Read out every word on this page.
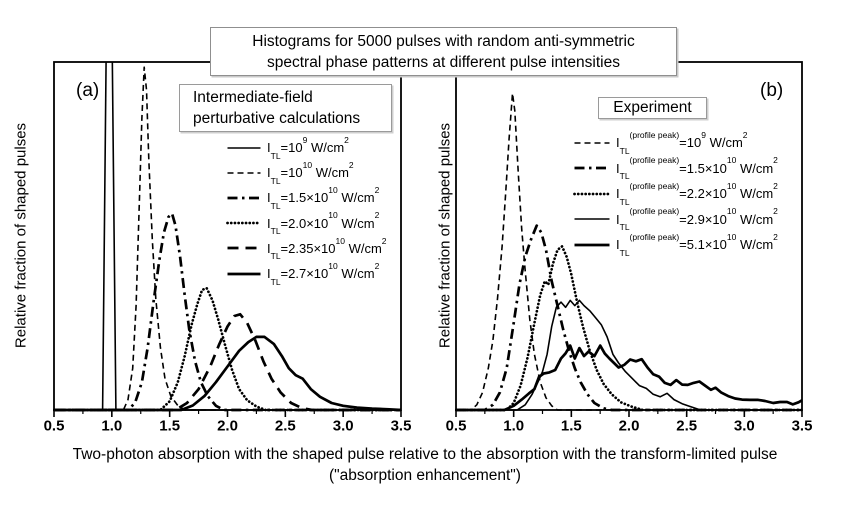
0.5 1.0 1.5 2.0 2.5 3.0 3.5 0.5 1.0 1.5 2.0 2.5 3.0 3.5
Histograms for 5000 pulses with random anti-symmetric
spectral phase patterns at different pulse intensities
(a)	(b)
Relative fraction of shaped pulses	Relative fraction of shaped pulses
Intermediate-field
perturbative calculations
Experiment
$I_{TL}=10^9$ $W/cm^2$
$I_{TL}=10^{10}$ $W/cm^2$
$I_{TL}=1.5\times 10^{10}$ $W/cm^2$
$I_{TL}=2.0\times 10^{10}$ $W/cm^2$
$I_{TL}=2.35\times 10^{10}$ $W/cm^2$
$I_{TL}=2.7\times 10^{10}$ $W/cm^2$
$I_{TL}^{(profile peak)}=10^9$ $W/cm^2$
$I_{TL}^{(profile peak)}=1.5\times 10^{10}$ $W/cm^2$
$I_{TL}^{(profile peak)}=2.2\times 10^{10}$ $W/cm^2$
$I_{TL}^{(profile peak)}=2.9\times 10^{10}$ $W/cm^2$
$I_{TL}^{(profile peak)}=5.1\times 10^{10}$ $W/cm^2$
Two-photon absorption with the shaped pulse relative to the absorption with the transform-limited pulse
("absorption enhancement")
